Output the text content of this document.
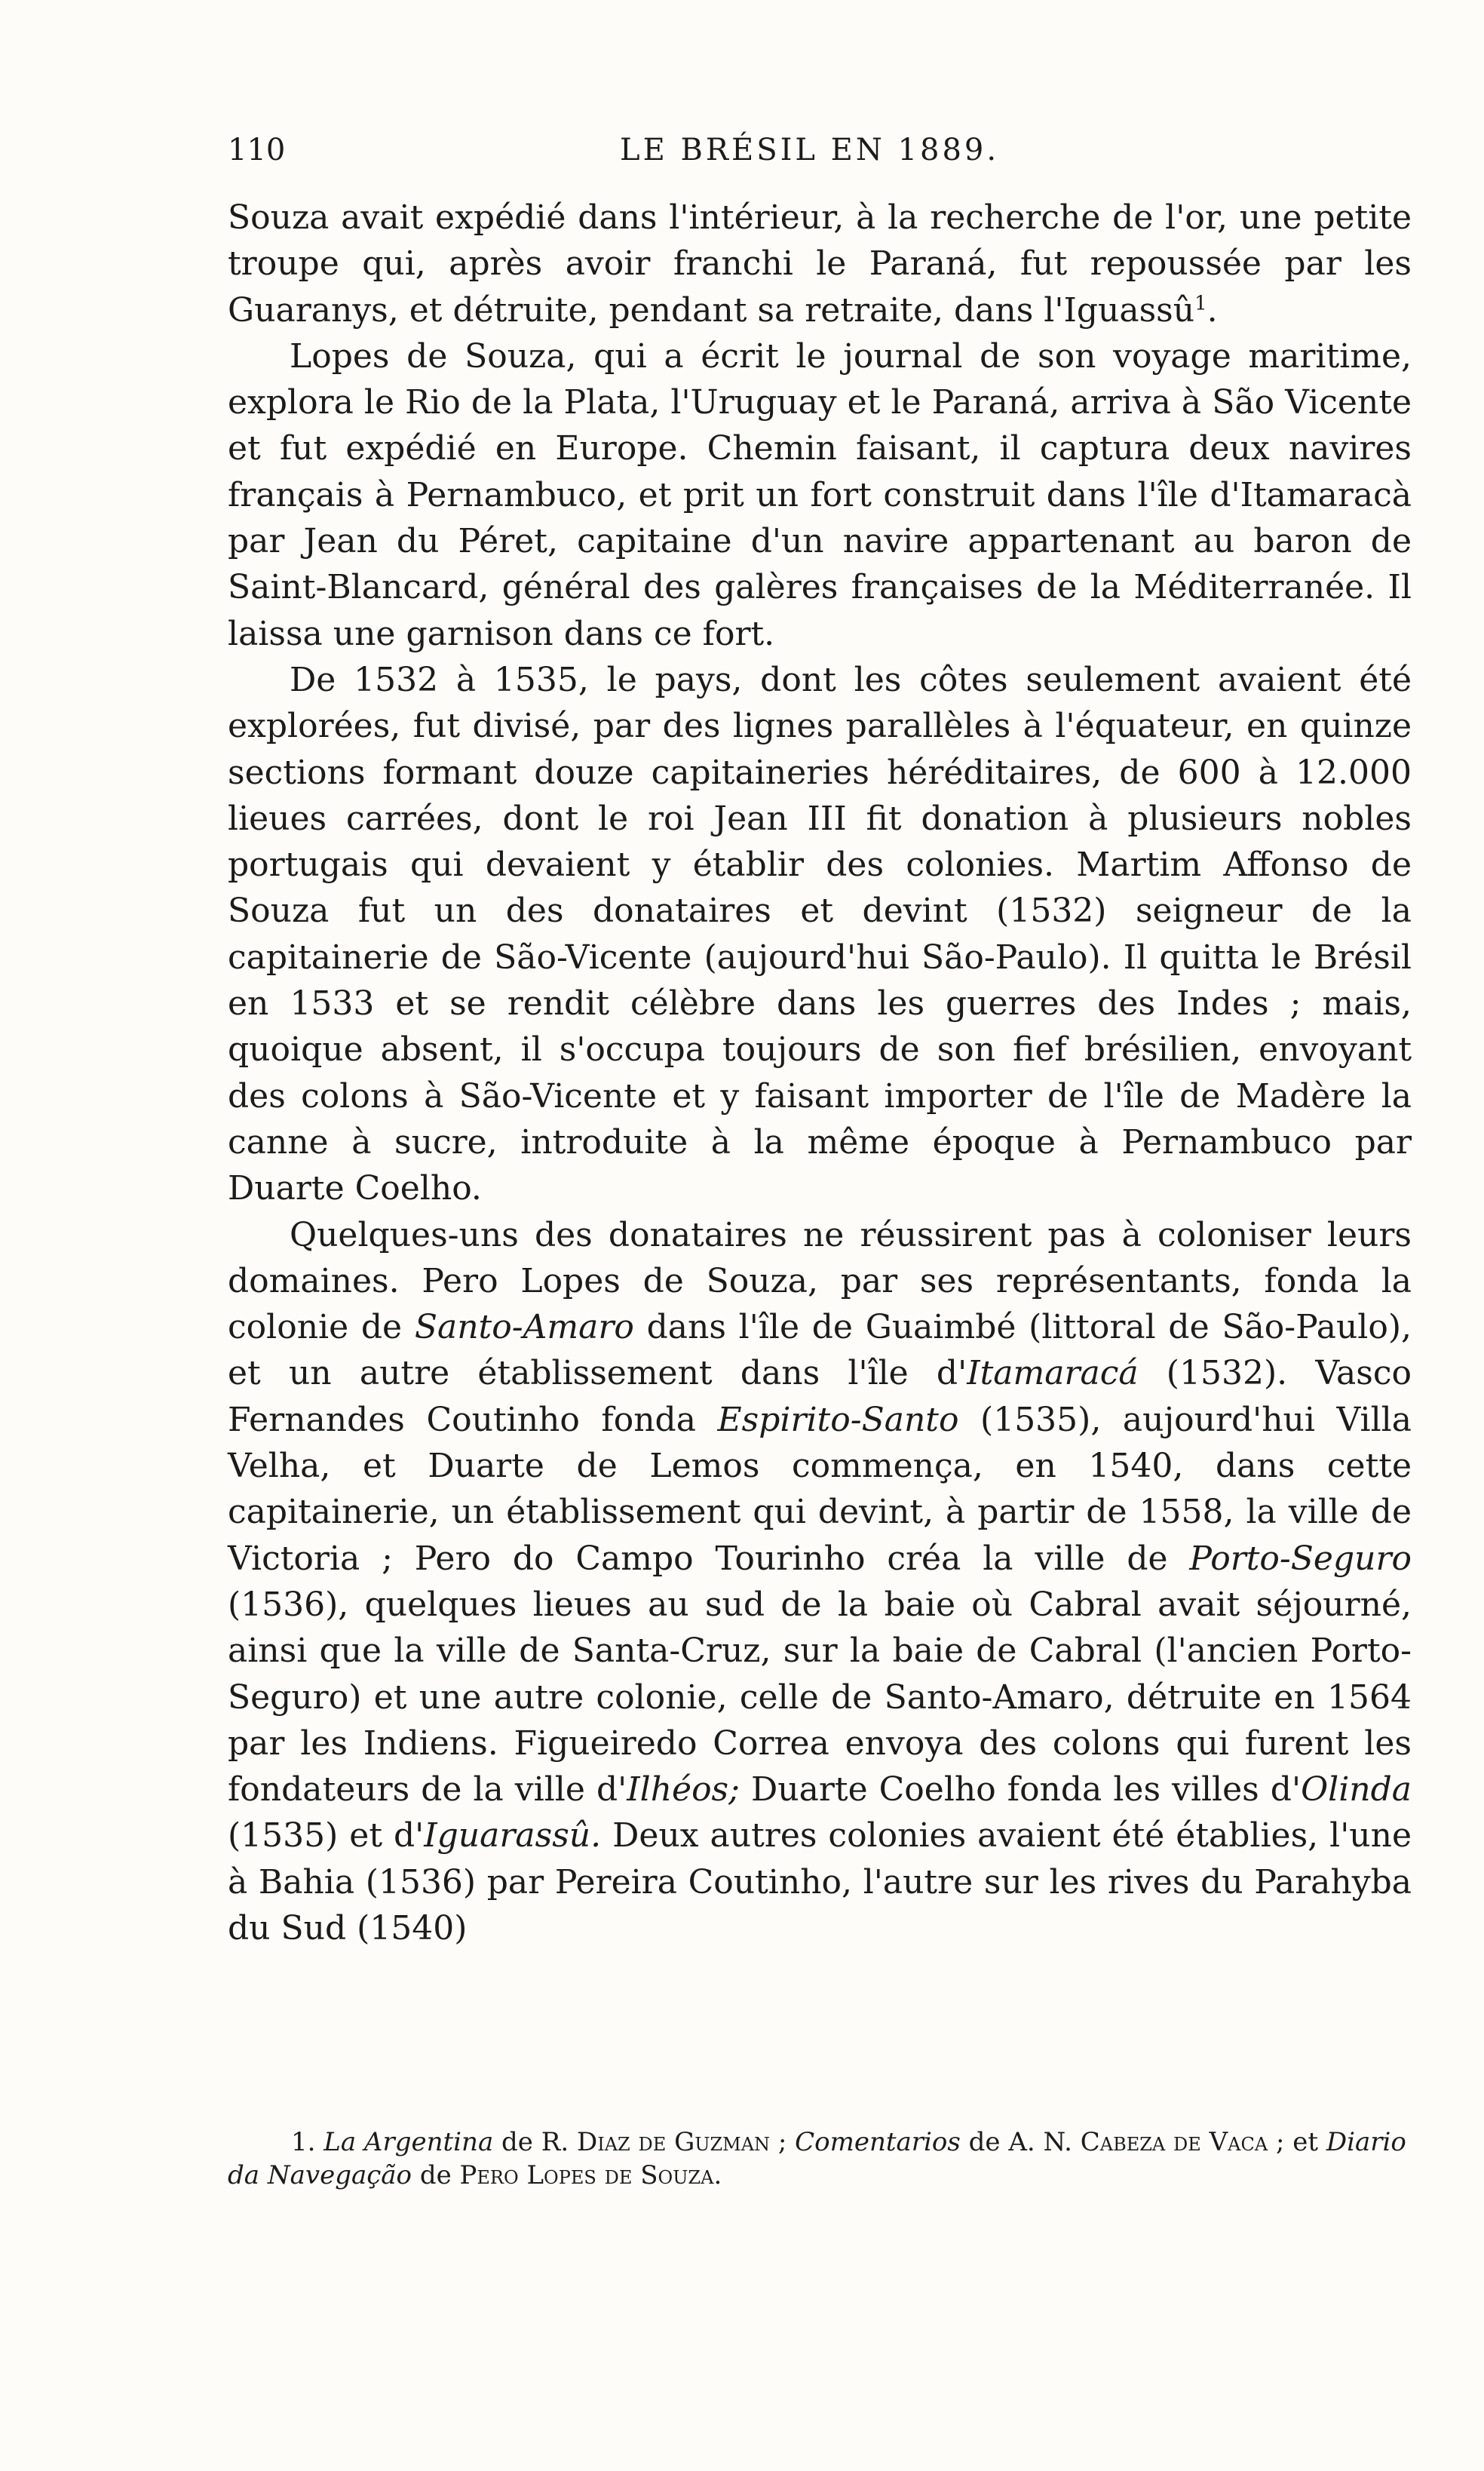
110	LE BRÉSIL EN 1889.

Souza avait expédié dans l'intérieur, à la recherche de l'or, une petite troupe qui, après avoir franchi le Paraná, fut repoussée par les Guaranys, et détruite, pendant sa retraite, dans l'Iguassû$^1$.

Lopes de Souza, qui a écrit le journal de son voyage maritime, explora le Rio de la Plata, l'Uruguay et le Paraná, arriva à São Vicente et fut expédié en Europe. Chemin faisant, il captura deux navires français à Pernambuco, et prit un fort construit dans l'île d'Itamaracà par Jean du Péret, capitaine d'un navire appartenant au baron de Saint-Blancard, général des galères françaises de la Méditerranée. Il laissa une garnison dans ce fort.

De 1532 à 1535, le pays, dont les côtes seulement avaient été explorées, fut divisé, par des lignes parallèles à l'équateur, en quinze sections formant douze capitaineries héréditaires, de 600 à 12.000 lieues carrées, dont le roi Jean III fit donation à plusieurs nobles portugais qui devaient y établir des colonies. Martim Affonso de Souza fut un des donataires et devint (1532) seigneur de la capitainerie de São-Vicente (aujourd'hui São-Paulo). Il quitta le Brésil en 1533 et se rendit célèbre dans les guerres des Indes ; mais, quoique absent, il s'occupa toujours de son fief brésilien, envoyant des colons à São-Vicente et y faisant importer de l'île de Madère la canne à sucre, introduite à la même époque à Pernambuco par Duarte Coelho.

Quelques-uns des donataires ne réussirent pas à coloniser leurs domaines. Pero Lopes de Souza, par ses représentants, fonda la colonie de Santo-Amaro dans l'île de Guaimbé (littoral de São-Paulo), et un autre établissement dans l'île d'Itamaracá (1532). Vasco Fernandes Coutinho fonda Espirito-Santo (1535), aujourd'hui Villa Velha, et Duarte de Lemos commença, en 1540, dans cette capitainerie, un établissement qui devint, à partir de 1558, la ville de Victoria ; Pero do Campo Tourinho créa la ville de Porto-Seguro (1536), quelques lieues au sud de la baie où Cabral avait séjourné, ainsi que la ville de Santa-Cruz, sur la baie de Cabral (l'ancien Porto-Seguro) et une autre colonie, celle de Santo-Amaro, détruite en 1564 par les Indiens. Figueiredo Correa envoya des colons qui furent les fondateurs de la ville d'Ilhéos; Duarte Coelho fonda les villes d'Olinda (1535) et d'Iguarassû. Deux autres colonies avaient été établies, l'une à Bahia (1536) par Pereira Coutinho, l'autre sur les rives du Parahyba du Sud (1540)

1. La Argentina de R. Diaz de Guzman ; Comentarios de A. N. Cabeza de Vaca ; et Diario da Navegação de Pero Lopes de Souza.
